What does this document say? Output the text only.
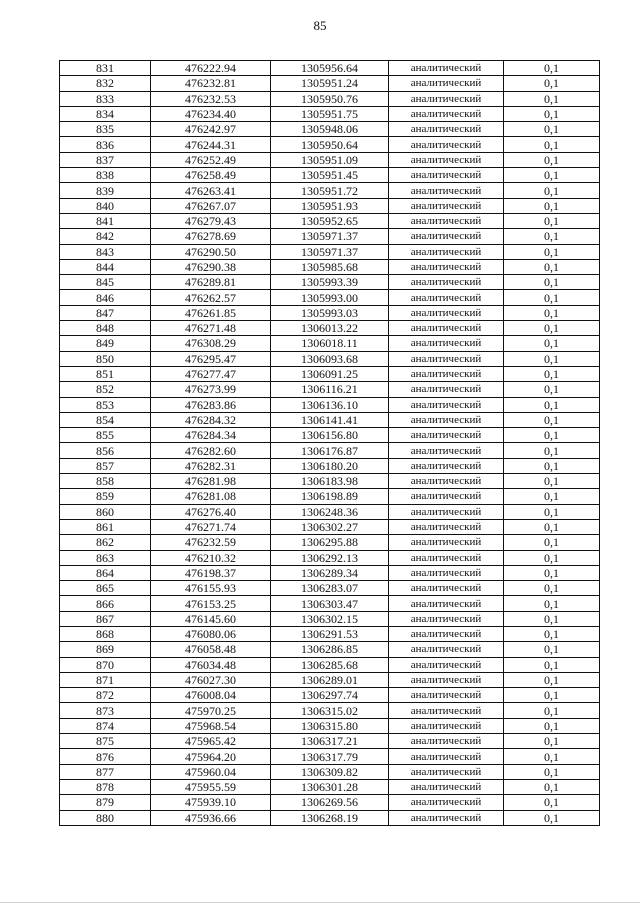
85
831	476222.94	1305956.64	аналитический	0,1
832	476232.81	1305951.24	аналитический	0,1
833	476232.53	1305950.76	аналитический	0,1
834	476234.40	1305951.75	аналитический	0,1
835	476242.97	1305948.06	аналитический	0,1
836	476244.31	1305950.64	аналитический	0,1
837	476252.49	1305951.09	аналитический	0,1
838	476258.49	1305951.45	аналитический	0,1
839	476263.41	1305951.72	аналитический	0,1
840	476267.07	1305951.93	аналитический	0,1
841	476279.43	1305952.65	аналитический	0,1
842	476278.69	1305971.37	аналитический	0,1
843	476290.50	1305971.37	аналитический	0,1
844	476290.38	1305985.68	аналитический	0,1
845	476289.81	1305993.39	аналитический	0,1
846	476262.57	1305993.00	аналитический	0,1
847	476261.85	1305993.03	аналитический	0,1
848	476271.48	1306013.22	аналитический	0,1
849	476308.29	1306018.11	аналитический	0,1
850	476295.47	1306093.68	аналитический	0,1
851	476277.47	1306091.25	аналитический	0,1
852	476273.99	1306116.21	аналитический	0,1
853	476283.86	1306136.10	аналитический	0,1
854	476284.32	1306141.41	аналитический	0,1
855	476284.34	1306156.80	аналитический	0,1
856	476282.60	1306176.87	аналитический	0,1
857	476282.31	1306180.20	аналитический	0,1
858	476281.98	1306183.98	аналитический	0,1
859	476281.08	1306198.89	аналитический	0,1
860	476276.40	1306248.36	аналитический	0,1
861	476271.74	1306302.27	аналитический	0,1
862	476232.59	1306295.88	аналитический	0,1
863	476210.32	1306292.13	аналитический	0,1
864	476198.37	1306289.34	аналитический	0,1
865	476155.93	1306283.07	аналитический	0,1
866	476153.25	1306303.47	аналитический	0,1
867	476145.60	1306302.15	аналитический	0,1
868	476080.06	1306291.53	аналитический	0,1
869	476058.48	1306286.85	аналитический	0,1
870	476034.48	1306285.68	аналитический	0,1
871	476027.30	1306289.01	аналитический	0,1
872	476008.04	1306297.74	аналитический	0,1
873	475970.25	1306315.02	аналитический	0,1
874	475968.54	1306315.80	аналитический	0,1
875	475965.42	1306317.21	аналитический	0,1
876	475964.20	1306317.79	аналитический	0,1
877	475960.04	1306309.82	аналитический	0,1
878	475955.59	1306301.28	аналитический	0,1
879	475939.10	1306269.56	аналитический	0,1
880	475936.66	1306268.19	аналитический	0,1
